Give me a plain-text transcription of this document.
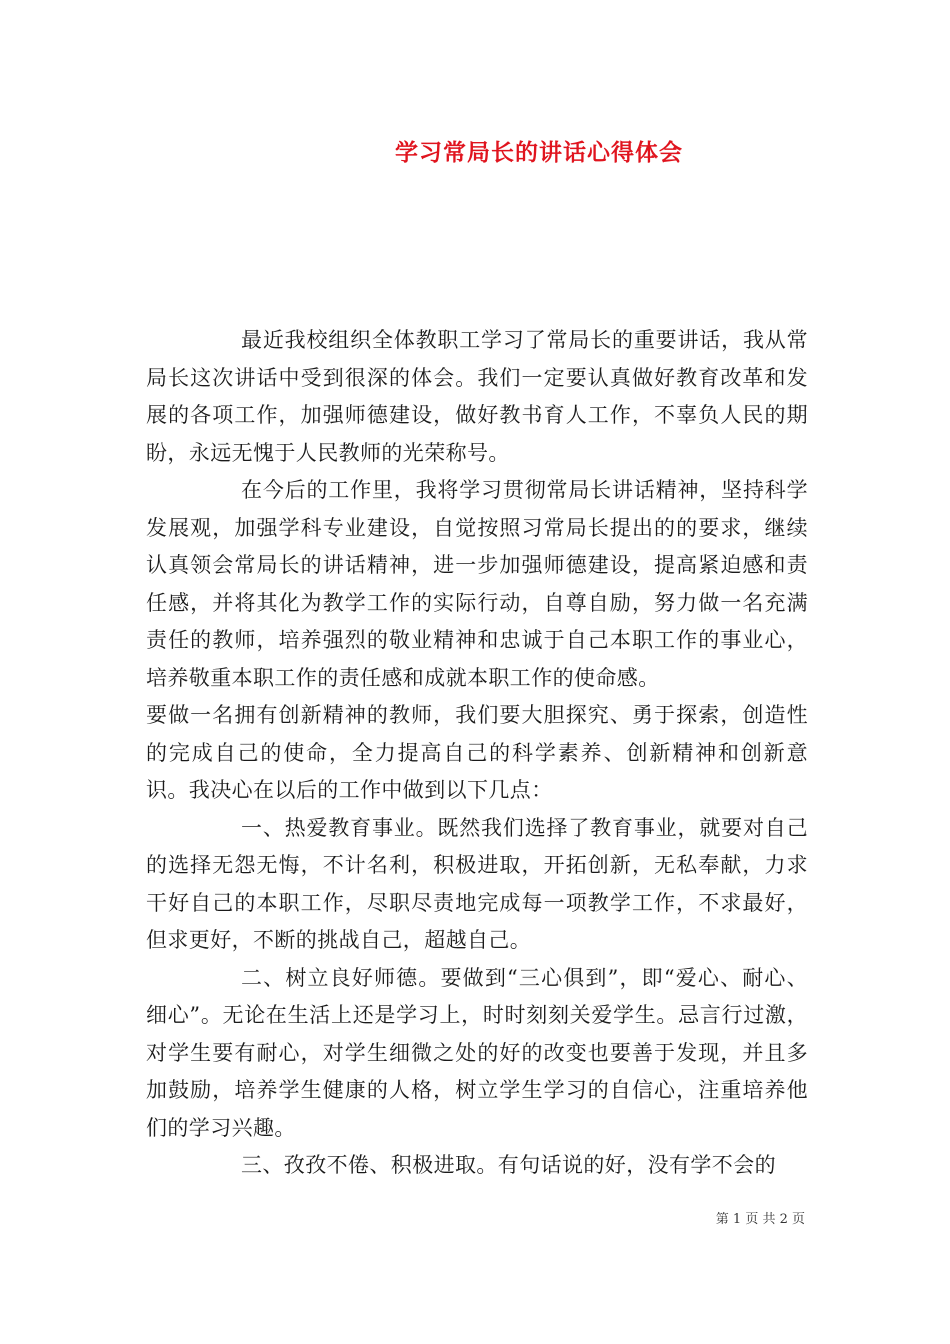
学习常局长的讲话心得体会

最近我校组织全体教职工学习了常局长的重要讲话，我从常局长这次讲话中受到很深的体会。我们一定要认真做好教育改革和发展的各项工作，加强师德建设，做好教书育人工作，不辜负人民的期盼，永远无愧于人民教师的光荣称号。

在今后的工作里，我将学习贯彻常局长讲话精神，坚持科学发展观，加强学科专业建设，自觉按照习常局长提出的的要求，继续认真领会常局长的讲话精神，进一步加强师德建设，提高紧迫感和责任感，并将其化为教学工作的实际行动，自尊自励，努力做一名充满责任的教师，培养强烈的敬业精神和忠诚于自己本职工作的事业心，培养敬重本职工作的责任感和成就本职工作的使命感。

要做一名拥有创新精神的教师，我们要大胆探究、勇于探索，创造性的完成自己的使命，全力提高自己的科学素养、创新精神和创新意识。我决心在以后的工作中做到以下几点：

一、热爱教育事业。既然我们选择了教育事业，就要对自己的选择无怨无悔，不计名利，积极进取，开拓创新，无私奉献，力求干好自己的本职工作，尽职尽责地完成每一项教学工作，不求最好，但求更好，不断的挑战自己，超越自己。

二、树立良好师德。要做到“三心俱到”，即“爱心、耐心、细心”。无论在生活上还是学习上，时时刻刻关爱学生。忌言行过激，对学生要有耐心，对学生细微之处的好的改变也要善于发现，并且多加鼓励，培养学生健康的人格，树立学生学习的自信心，注重培养他们的学习兴趣。

三、孜孜不倦、积极进取。有句话说的好，没有学不会的

第 1 页 共 2 页
